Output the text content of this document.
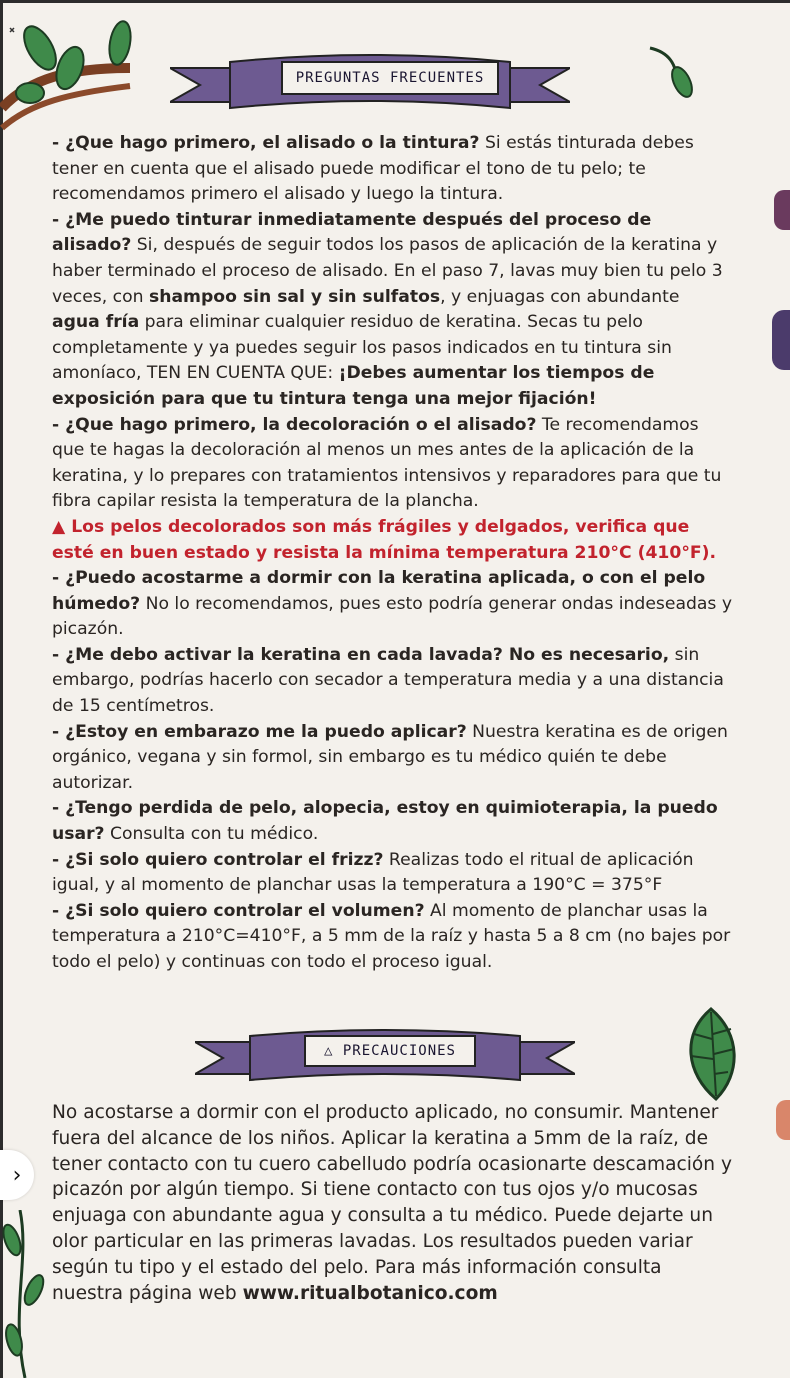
PREGUNTAS FRECUENTES

- ¿Que hago primero, el alisado o la tintura? Si estás tinturada debes tener en cuenta que el alisado puede modificar el tono de tu pelo; te recomendamos primero el alisado y luego la tintura.

- ¿Me puedo tinturar inmediatamente después del proceso de alisado? Si, después de seguir todos los pasos de aplicación de la keratina y haber terminado el proceso de alisado. En el paso 7, lavas muy bien tu pelo 3 veces, con shampoo sin sal y sin sulfatos, y enjuagas con abundante agua fría para eliminar cualquier residuo de keratina. Secas tu pelo completamente y ya puedes seguir los pasos indicados en tu tintura sin amoníaco, TEN EN CUENTA QUE: ¡Debes aumentar los tiempos de exposición para que tu tintura tenga una mejor fijación!

- ¿Que hago primero, la decoloración o el alisado? Te recomendamos que te hagas la decoloración al menos un mes antes de la aplicación de la keratina, y lo prepares con tratamientos intensivos y reparadores para que tu fibra capilar resista la temperatura de la plancha.

▲ Los pelos decolorados son más frágiles y delgados, verifica que esté en buen estado y resista la mínima temperatura 210°C (410°F).

- ¿Puedo acostarme a dormir con la keratina aplicada, o con el pelo húmedo? No lo recomendamos, pues esto podría generar ondas indeseadas y picazón.

- ¿Me debo activar la keratina en cada lavada? No es necesario, sin embargo, podrías hacerlo con secador a temperatura media y a una distancia de 15 centímetros.

- ¿Estoy en embarazo me la puedo aplicar? Nuestra keratina es de origen orgánico, vegana y sin formol, sin embargo es tu médico quién te debe autorizar.

- ¿Tengo perdida de pelo, alopecia, estoy en quimioterapia, la puedo usar? Consulta con tu médico.

- ¿Si solo quiero controlar el frizz? Realizas todo el ritual de aplicación igual, y al momento de planchar usas la temperatura a 190°C = 375°F

- ¿Si solo quiero controlar el volumen? Al momento de planchar usas la temperatura a 210°C=410°F, a 5 mm de la raíz y hasta 5 a 8 cm (no bajes por todo el pelo) y continuas con todo el proceso igual.

△ PRECAUCIONES

No acostarse a dormir con el producto aplicado, no consumir. Mantener fuera del alcance de los niños. Aplicar la keratina a 5mm de la raíz, de tener contacto con tu cuero cabelludo podría ocasionarte descamación y picazón por algún tiempo. Si tiene contacto con tus ojos y/o mucosas enjuaga con abundante agua y consulta a tu médico. Puede dejarte un olor particular en las primeras lavadas. Los resultados pueden variar según tu tipo y el estado del pelo. Para más información consulta nuestra página web www.ritualbotanico.com

›
